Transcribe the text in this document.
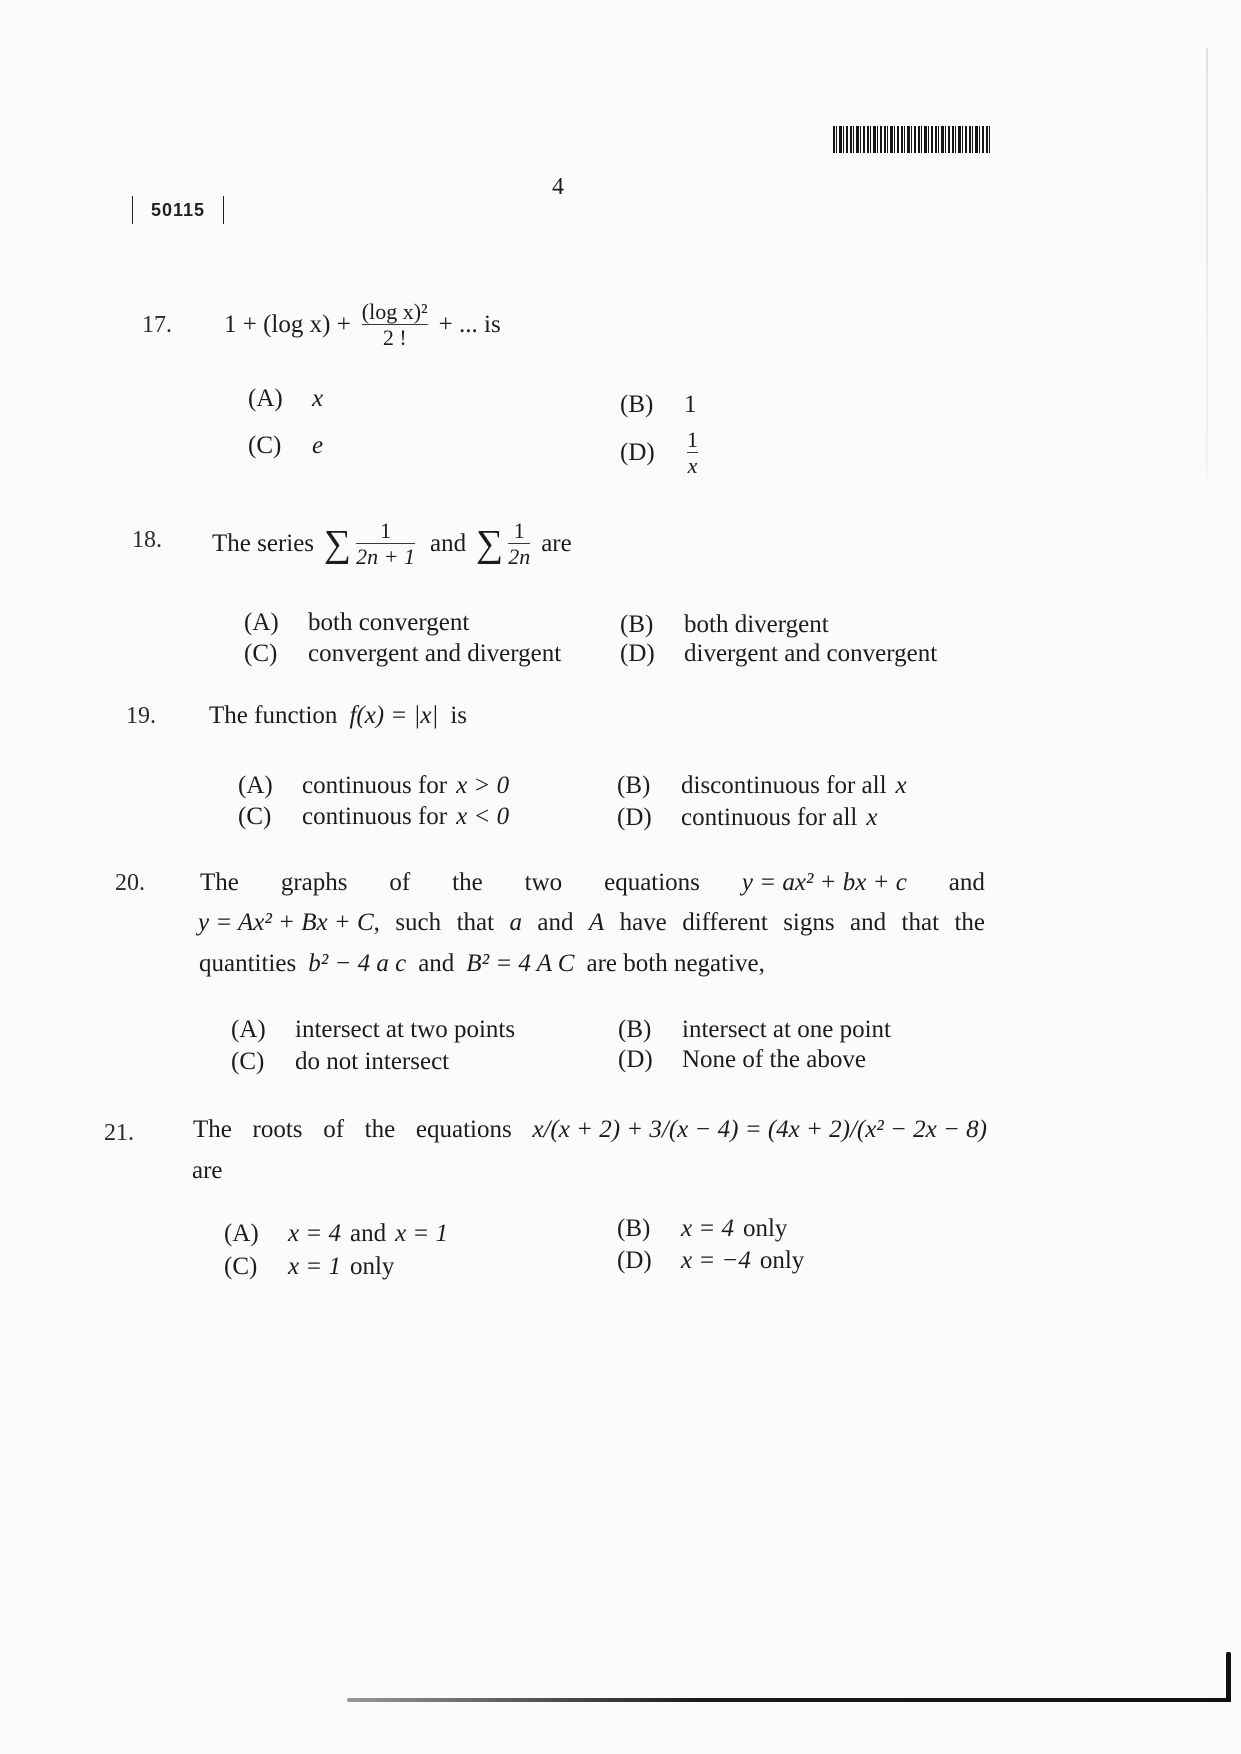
4
50115
17. 1 + (log $x) + \frac{\text{(log x)²}}{2 !}$ + ... is
(A)	x	(B)	1
(C)	e	(D)	$\frac{1}{x}$
18. The series ∑ $\frac{1}{2n + 1}$ and ∑ $\frac{1}{2n}$ are
(A)	both convergent	(B)	both divergent
(C)	convergent and divergent (D)	divergent and convergent
19. The function f(x) = |x| is
(A)	continuous for x > 0	(B)	discontinuous for all x
(C)	continuous for x < 0	(D)	continuous for all x
20. The graphs of the two equations y = ax² + bx + c and
y = Ax² + Bx + C, such that a and A have different signs and that the
quantities b² − 4 a c and B² = 4 A C are both negative,
(A)	intersect at two points	(B)	intersect at one point
(C)	do not intersect	(D)	None of the above
21. The roots of the equations x/(x + 2) + 3/(x − 4) = (4x + 2)/(x² − 2x − 8)
are
(A)	x = 4 and x = 1	(B)	x = 4 only
(C)	x = 1 only	(D)	x = −4 only
